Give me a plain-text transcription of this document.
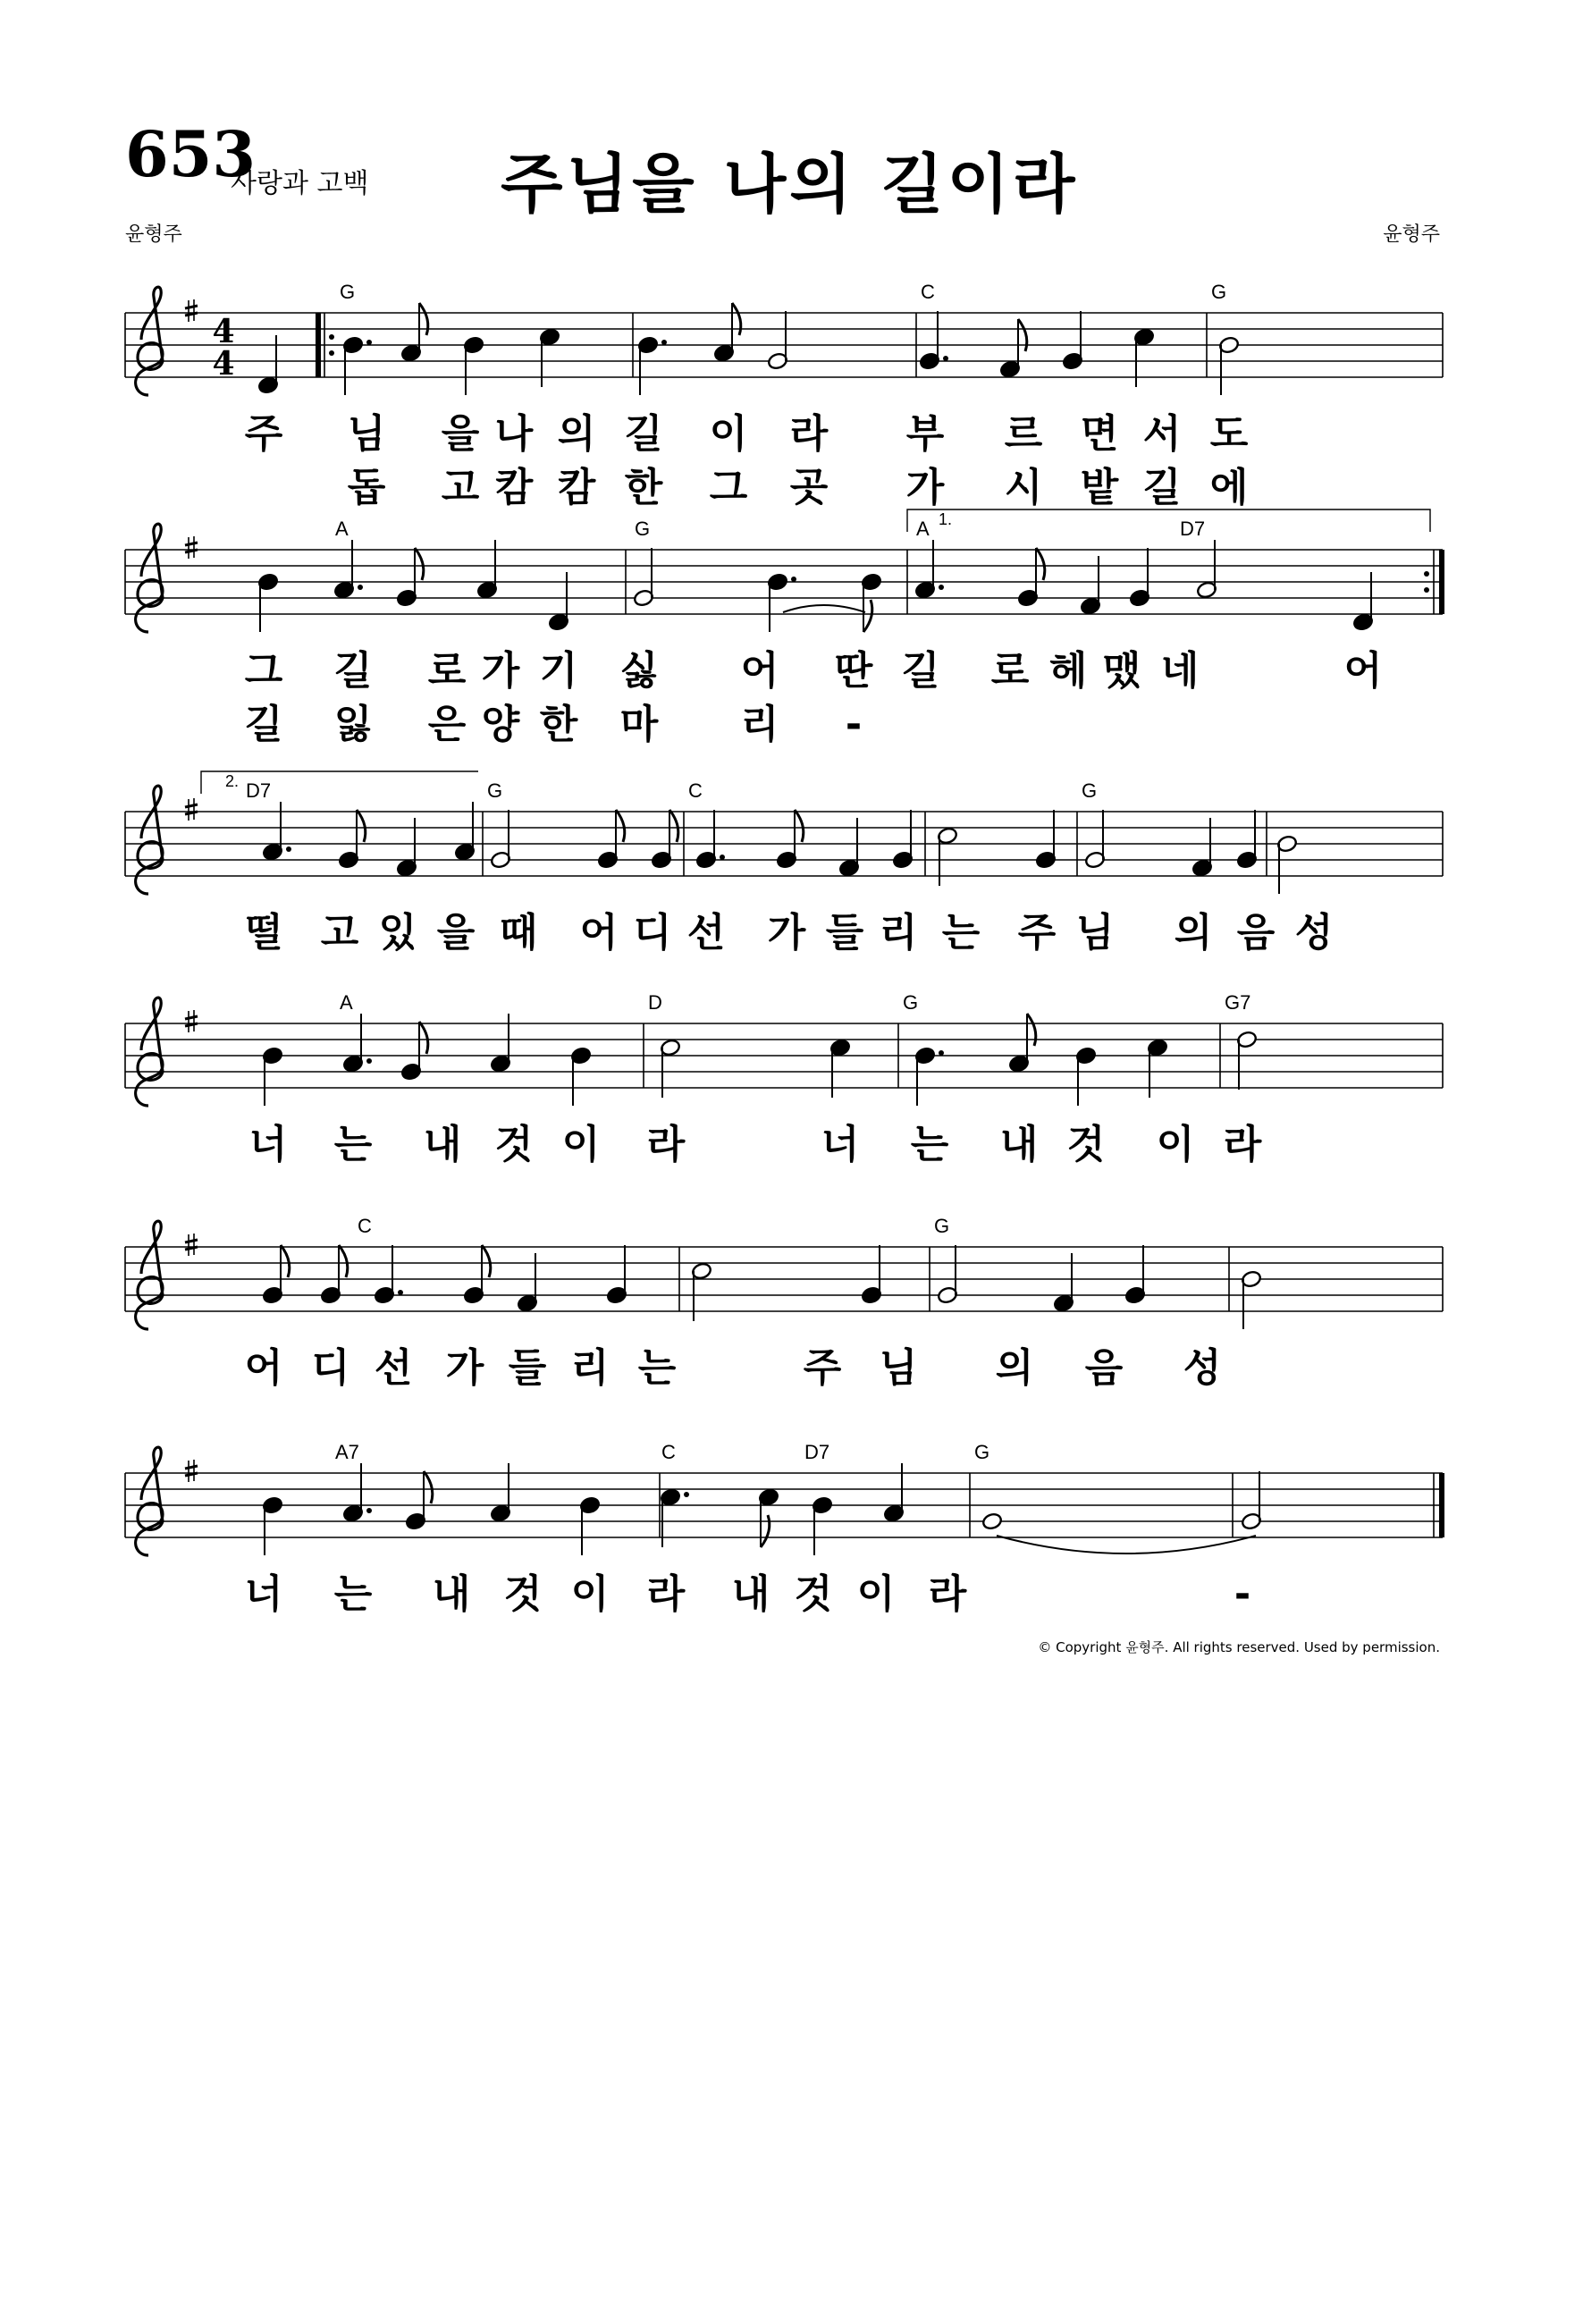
653
사랑과 고백 주님을 나의 길이라
윤형주	윤형주
4
4
G	C	G
주 님 을 나 의 길 이 라 부 르 면 서 도
돕 고 캄 캄 한 그 곳 가 시 밭 길 에
A	G	A	D7
1.
그 길 로 가 기 싫 어 딴 길 로 헤 맸 네	어
길 잃 은 양 한 마 리 -
D7	G	C	G
2.
떨 고 있 을 때 어 디 선 가 들 리 는 주 님 의 음 성
A	D	G	G7
너 는 내 것 이 라	너 는 내 것 이 라
C	G
어 디 선 가 들 리 는	주 님 의 음 성
A7	C	D7	G
너 는 내 것 이 라 내 것 이 라	-
© Copyright 윤형주. All rights reserved. Used by permission.
